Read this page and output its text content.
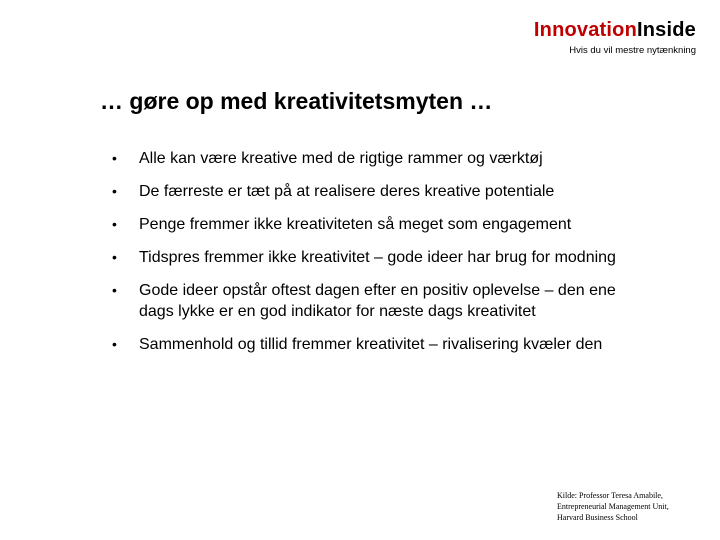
InnovationInside
Hvis du vil mestre nytænkning
… gøre op med kreativitetsmyten …
• Alle kan være kreative med de rigtige rammer og værktøj
• De færreste er tæt på at realisere deres kreative potentiale
• Penge fremmer ikke kreativiteten så meget som engagement
• Tidspres fremmer ikke kreativitet – gode ideer har brug for modning
• Gode ideer opstår oftest dagen efter en positiv oplevelse – den ene dags lykke er en god indikator for næste dags kreativitet
• Sammenhold og tillid fremmer kreativitet – rivalisering kvæler den
Kilde: Professor Teresa Amabile,
Entrepreneurial Management Unit,
Harvard Business School
